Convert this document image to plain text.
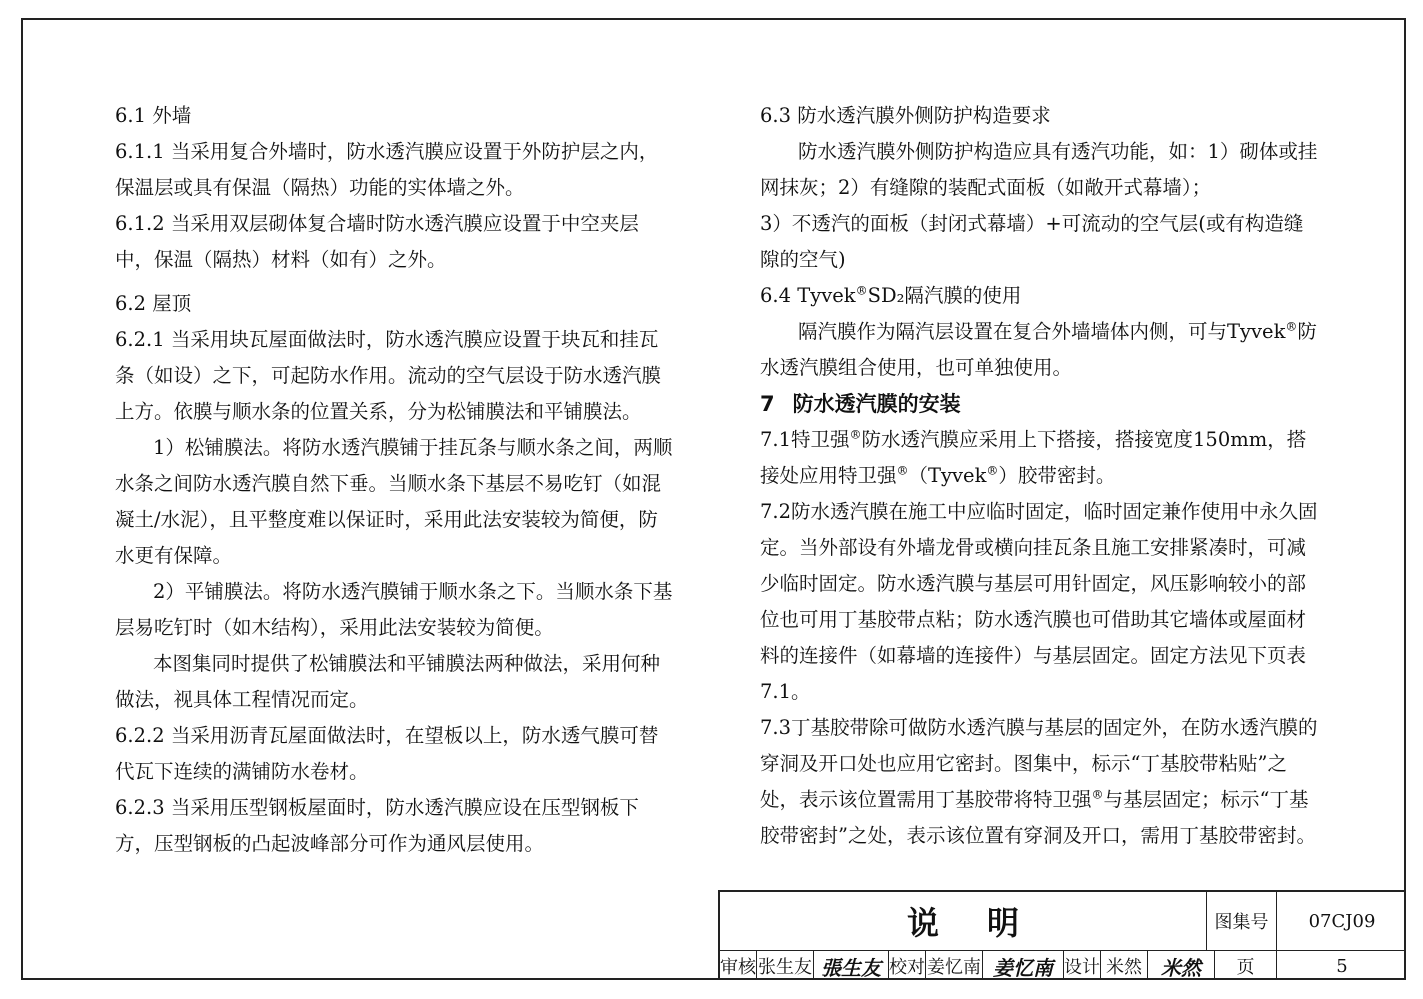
6.1 外墙

6.1.1 当采用复合外墙时，防水透汽膜应设置于外防护层之内，保温层或具有保温（隔热）功能的实体墙之外。

6.1.2 当采用双层砌体复合墙时防水透汽膜应设置于中空夹层中，保温（隔热）材料（如有）之外。

6.2 屋顶

6.2.1 当采用块瓦屋面做法时，防水透汽膜应设置于块瓦和挂瓦条（如设）之下，可起防水作用。流动的空气层设于防水透汽膜上方。依膜与顺水条的位置关系，分为松铺膜法和平铺膜法。

1）松铺膜法。将防水透汽膜铺于挂瓦条与顺水条之间，两顺水条之间防水透汽膜自然下垂。当顺水条下基层不易吃钉（如混凝土/水泥），且平整度难以保证时，采用此法安装较为简便，防水更有保障。

2）平铺膜法。将防水透汽膜铺于顺水条之下。当顺水条下基层易吃钉时（如木结构），采用此法安装较为简便。

本图集同时提供了松铺膜法和平铺膜法两种做法，采用何种做法，视具体工程情况而定。

6.2.2 当采用沥青瓦屋面做法时，在望板以上，防水透气膜可替代瓦下连续的满铺防水卷材。

6.2.3 当采用压型钢板屋面时，防水透汽膜应设在压型钢板下方，压型钢板的凸起波峰部分可作为通风层使用。

6.3 防水透汽膜外侧防护构造要求

防水透汽膜外侧防护构造应具有透汽功能，如：1）砌体或挂网抹灰；2）有缝隙的装配式面板（如敞开式幕墙）；

3）不透汽的面板（封闭式幕墙）+可流动的空气层(或有构造缝隙的空气)

6.4 Tyvek®SD₂隔汽膜的使用

隔汽膜作为隔汽层设置在复合外墙墙体内侧，可与Tyvek®防水透汽膜组合使用，也可单独使用。

7 防水透汽膜的安装

7.1特卫强®防水透汽膜应采用上下搭接，搭接宽度150mm，搭接处应用特卫强®（Tyvek®）胶带密封。

7.2防水透汽膜在施工中应临时固定，临时固定兼作使用中永久固定。当外部设有外墙龙骨或横向挂瓦条且施工安排紧凑时，可减少临时固定。防水透汽膜与基层可用针固定，风压影响较小的部位也可用丁基胶带点粘；防水透汽膜也可借助其它墙体或屋面材料的连接件（如幕墙的连接件）与基层固定。固定方法见下页表7.1。

7.3丁基胶带除可做防水透汽膜与基层的固定外，在防水透汽膜的穿洞及开口处也应用它密封。图集中，标示“丁基胶带粘贴”之处，表示该位置需用丁基胶带将特卫强®与基层固定；标示“丁基胶带密封”之处，表示该位置有穿洞及开口，需用丁基胶带密封。

说明	图集号	07CJ09
审核 张生友 張生友 校对 姜忆南 姜忆南 设计 米然 米然	页	5
